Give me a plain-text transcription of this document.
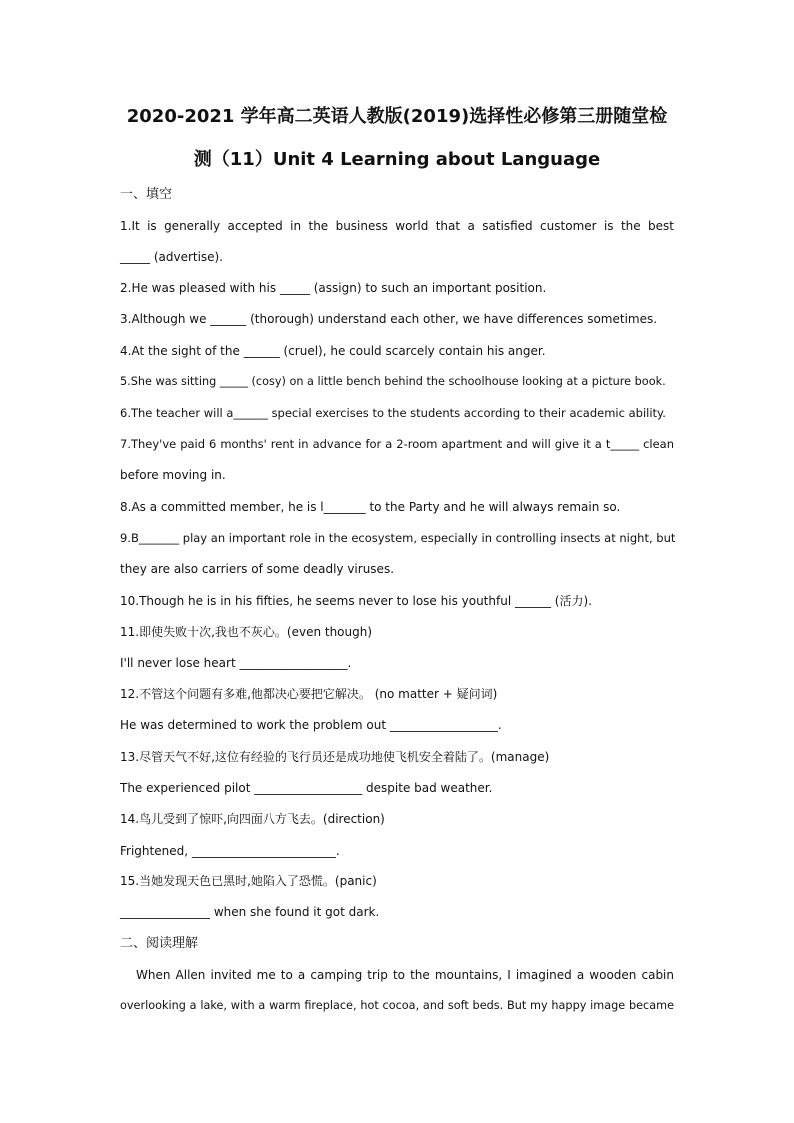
2020-2021 学年高二英语人教版(2019)选择性必修第三册随堂检
测（11）Unit 4 Learning about Language
一、填空
1.It is generally accepted in the business world that a satisfied customer is the best
_____ (advertise).
2.He was pleased with his _____ (assign) to such an important position.
3.Although we ______ (thorough) understand each other, we have differences sometimes.
4.At the sight of the ______ (cruel), he could scarcely contain his anger.
5.She was sitting _____ (cosy) on a little bench behind the schoolhouse looking at a picture book.
6.The teacher will a______ special exercises to the students according to their academic ability.
7.They've paid 6 months' rent in advance for a 2-room apartment and will give it a t_____ clean
before moving in.
8.As a committed member, he is l_______ to the Party and he will always remain so.
9.B_______ play an important role in the ecosystem, especially in controlling insects at night, but
they are also carriers of some deadly viruses.
10.Though he is in his fifties, he seems never to lose his youthful ______ (活力).
11.即使失败十次,我也不灰心。(even though)
I'll never lose heart __________________.
12.不管这个问题有多难,他都决心要把它解决。 (no matter + 疑问词)
He was determined to work the problem out __________________.
13.尽管天气不好,这位有经验的飞行员还是成功地使飞机安全着陆了。(manage)
The experienced pilot __________________ despite bad weather.
14.鸟儿受到了惊吓,向四面八方飞去。(direction)
Frightened, ________________________.
15.当她发现天色已黑时,她陷入了恐慌。(panic)
_______________ when she found it got dark.
二、阅读理解
When Allen invited me to a camping trip to the mountains, I imagined a wooden cabin
overlooking a lake, with a warm fireplace, hot cocoa, and soft beds. But my happy image became
